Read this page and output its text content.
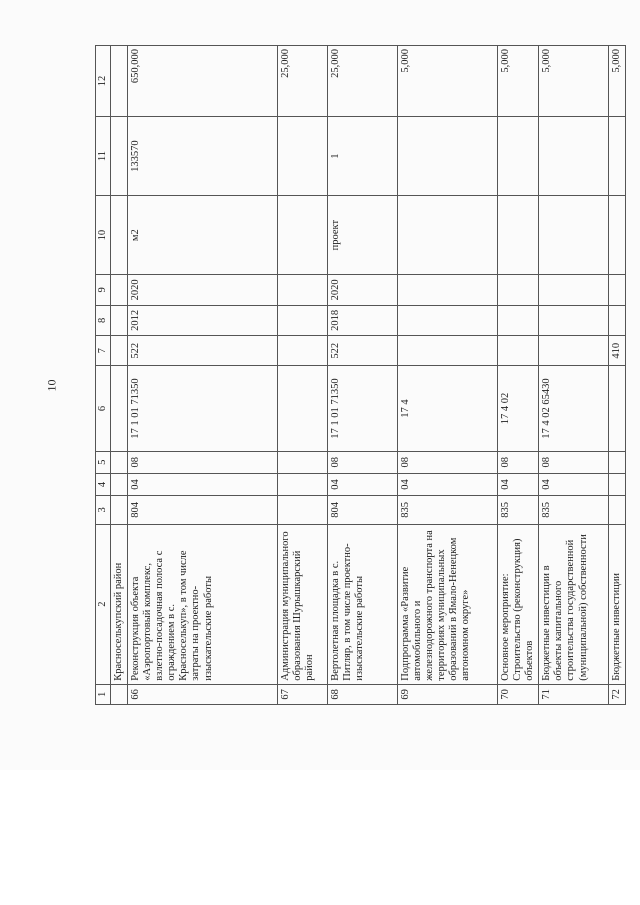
10
1	2	3	4	5	6	7	8	9	10	11	12
	Красноселькупский район										
66	Реконструкция объекта «Аэропортовый комплекс, взлетно-посадочная полоса с ограждением в с. Красноселькуп», в том числе затраты на проектно-изыскательские работы	804	04	08	17 1 01 71350	522	2012	2020	м2	133570	650,000
67	Администрация муниципального образования Шурышкарский район										25,000
68	Вертолетная площадка в с. Питляр, в том числе проектно-изыскательские работы	804	04	08	17 1 01 71350	522	2018	2020	проект	1	25,000
69	Подпрограмма «Развитие автомобильного и железнодорожного транспорта на территориях муниципальных образований в Ямало-Ненецком автономном округе»	835	04	08	17 4						5,000
70	Основное мероприятие: Строительство (реконструкция) объектов	835	04	08	17 4 02						5,000
71	Бюджетные инвестиции в объекты капитального строительства государственной (муниципальной) собственности	835	04	08	17 4 02 65430						5,000
72	Бюджетные инвестиции					410					5,000
